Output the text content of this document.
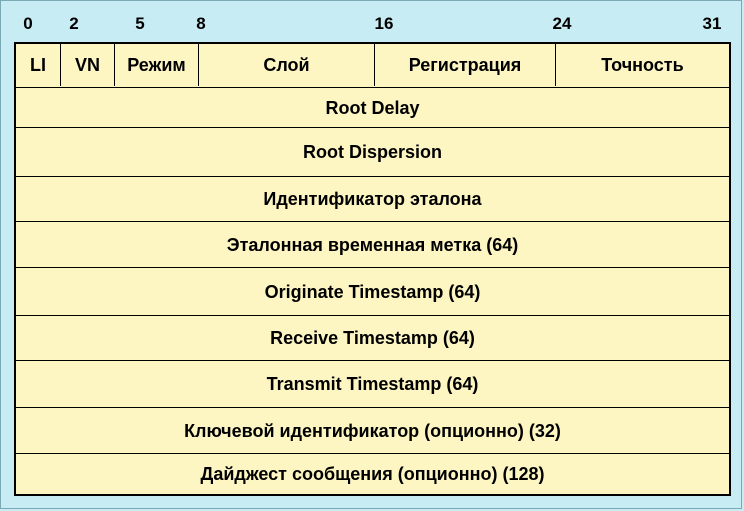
0 2	5	8	16	24	31
LI	VN	Режим	Слой	Регистрация	Точность
Root Delay
Root Dispersion
Идентификатор эталона
Эталонная временная метка (64)
Originate Timestamp (64)
Receive Timestamp (64)
Transmit Timestamp (64)
Ключевой идентификатор (опционно) (32)
Дайджест сообщения (опционно) (128)
